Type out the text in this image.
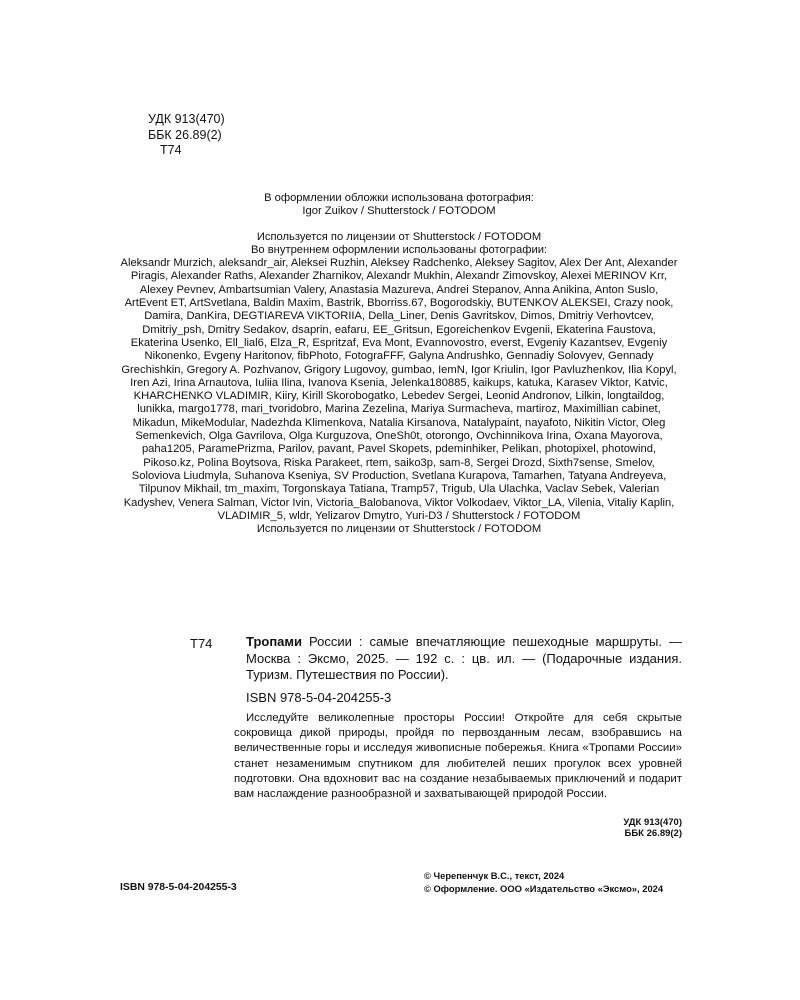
УДК 913(470)
ББК 26.89(2)
Т74

В оформлении обложки использована фотография:

Igor Zuikov / Shutterstock / FOTODOM

Используется по лицензии от Shutterstock / FOTODOM

Во внутреннем оформлении использованы фотографии:

Aleksandr Murzich, aleksandr_air, Aleksei Ruzhin, Aleksey Radchenko, Aleksey Sagitov, Alex Der Ant, Alexander Piragis, Alexander Raths, Alexander Zharnikov, Alexandr Mukhin, Alexandr Zimovskoy, Alexei MERINOV Krr, Alexey Pevnev, Ambartsumian Valery, Anastasia Mazureva, Andrei Stepanov, Anna Anikina, Anton Suslo, ArtEvent ET, ArtSvetlana, Baldin Maxim, Bastrik, Bborriss.67, Bogorodskiy, BUTENKOV ALEKSEI, Crazy nook, Damira, DanKira, DEGTIAREVA VIKTORIIA, Della_Liner, Denis Gavritskov, Dimos, Dmitriy Verhovtcev, Dmitriy_psh, Dmitry Sedakov, dsaprin, eafaru, EE_Gritsun, Egoreichenkov Evgenii, Ekaterina Faustova, Ekaterina Usenko, Ell_lial6, Elza_R, Espritzaf, Eva Mont, Evannovostro, everst, Evgeniy Kazantsev, Evgeniy Nikonenko, Evgeny Haritonov, fibPhoto, FotograFFF, Galyna Andrushko, Gennadiy Solovyev, Gennady Grechishkin, Gregory A. Pozhvanov, Grigory Lugovoy, gumbao, IemN, Igor Kriulin, Igor Pavluzhenkov, Ilia Kopyl, Iren Azi, Irina Arnautova, Iuliia Ilina, Ivanova Ksenia, Jelenka180885, kaikups, katuka, Karasev Viktor, Katvic, KHARCHENKO VLADIMIR, Kiiry, Kirill Skorobogatko, Lebedev Sergei, Leonid Andronov, Lilkin, longtaildog, lunikka, margo1778, mari_tvoridobro, Marina Zezelina, Mariya Surmacheva, martiroz, Maximillian cabinet, Mikadun, MikeModular, Nadezhda Klimenkova, Natalia Kirsanova, Natalypaint, nayafoto, Nikitin Victor, Oleg Semenkevich, Olga Gavrilova, Olga Kurguzova, OneSh0t, otorongo, Ovchinnikova Irina, Oxana Mayorova, paha1205, ParamePrizma, Parilov, pavant, Pavel Skopets, pdeminhiker, Pelikan, photopixel, photowind, Pikoso.kz, Polina Boytsova, Riska Parakeet, rtem, saiko3p, sam-8, Sergei Drozd, Sixth7sense, Smelov, Soloviova Liudmyla, Suhanova Kseniya, SV Production, Svetlana Kurapova, Tamarhen, Tatyana Andreyeva, Tilpunov Mikhail, tm_maxim, Torgonskaya Tatiana, Tramp57, Trigub, Ula Ulachka, Vaclav Sebek, Valerian Kadyshev, Venera Salman, Victor Ivin, Victoria_Balobanova, Viktor Volkodaev, Viktor_LA, Vilenia, Vitaliy Kaplin, VLADIMIR_5, wldr, Yelizarov Dmytro, Yuri-D3 / Shutterstock / FOTODOM

Используется по лицензии от Shutterstock / FOTODOM

Т74	Тропами России : самые впечатляющие пешеходные маршруты. — Москва : Эксмо, 2025. — 192 с. : цв. ил. — (Подарочные издания. Туризм. Путешествия по России).
ISBN 978-5-04-204255-3
Исследуйте великолепные просторы России! Откройте для себя скрытые сокровища дикой природы, пройдя по первозданным лесам, взобравшись на величественные горы и исследуя живописные побережья. Книга «Тропами России» станет незаменимым спутником для любителей пеших прогулок всех уровней подготовки. Она вдохновит вас на создание незабываемых приключений и подарит вам наслаждение разнообразной и захватывающей природой России.
УДК 913(470)
ББК 26.89(2)
ISBN 978-5-04-204255-3
© Черепенчук В.С., текст, 2024
© Оформление. ООО «Издательство «Эксмо», 2024
